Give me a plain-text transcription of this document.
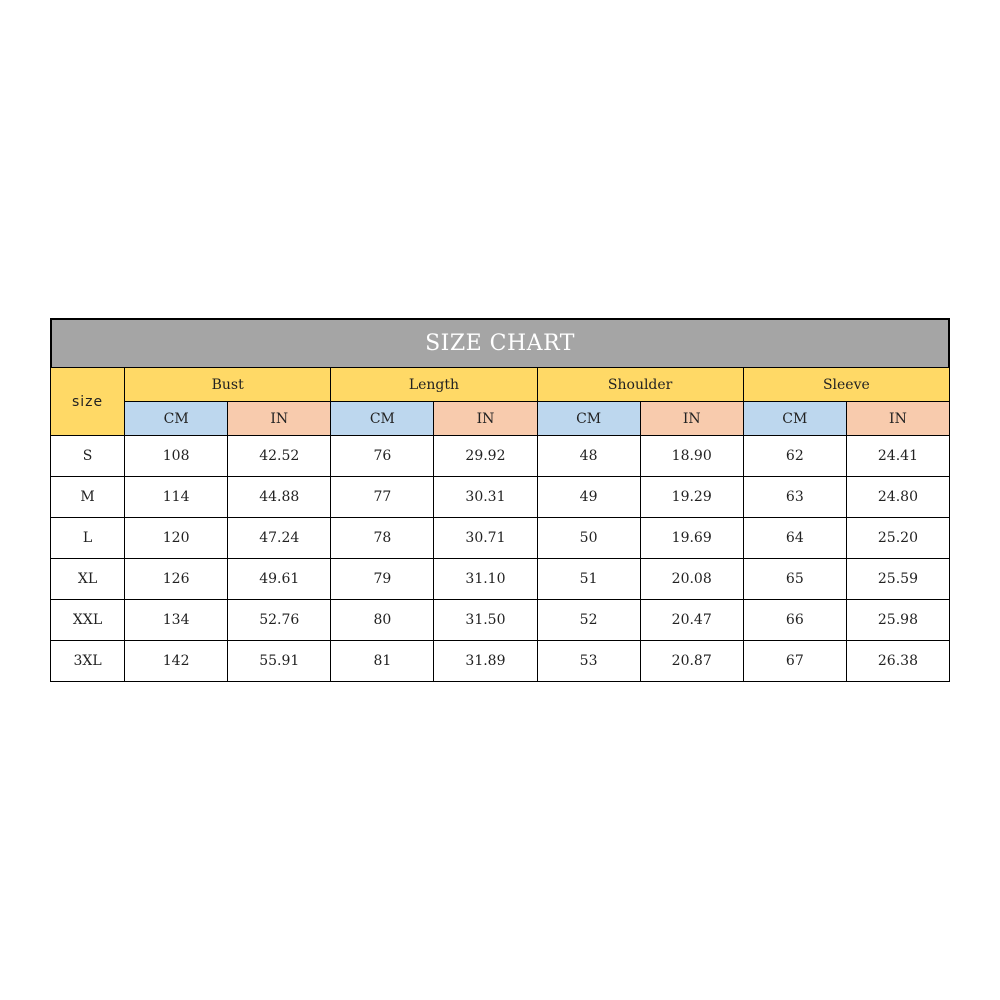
SIZE CHART
size	Bust		Length		Shoulder		Sleeve	
	CM	IN	CM	IN	CM	IN	CM	IN
S	108	42.52	76	29.92	48	18.90	62	24.41
M	114	44.88	77	30.31	49	19.29	63	24.80
L	120	47.24	78	30.71	50	19.69	64	25.20
XL	126	49.61	79	31.10	51	20.08	65	25.59
XXL	134	52.76	80	31.50	52	20.47	66	25.98
3XL	142	55.91	81	31.89	53	20.87	67	26.38
